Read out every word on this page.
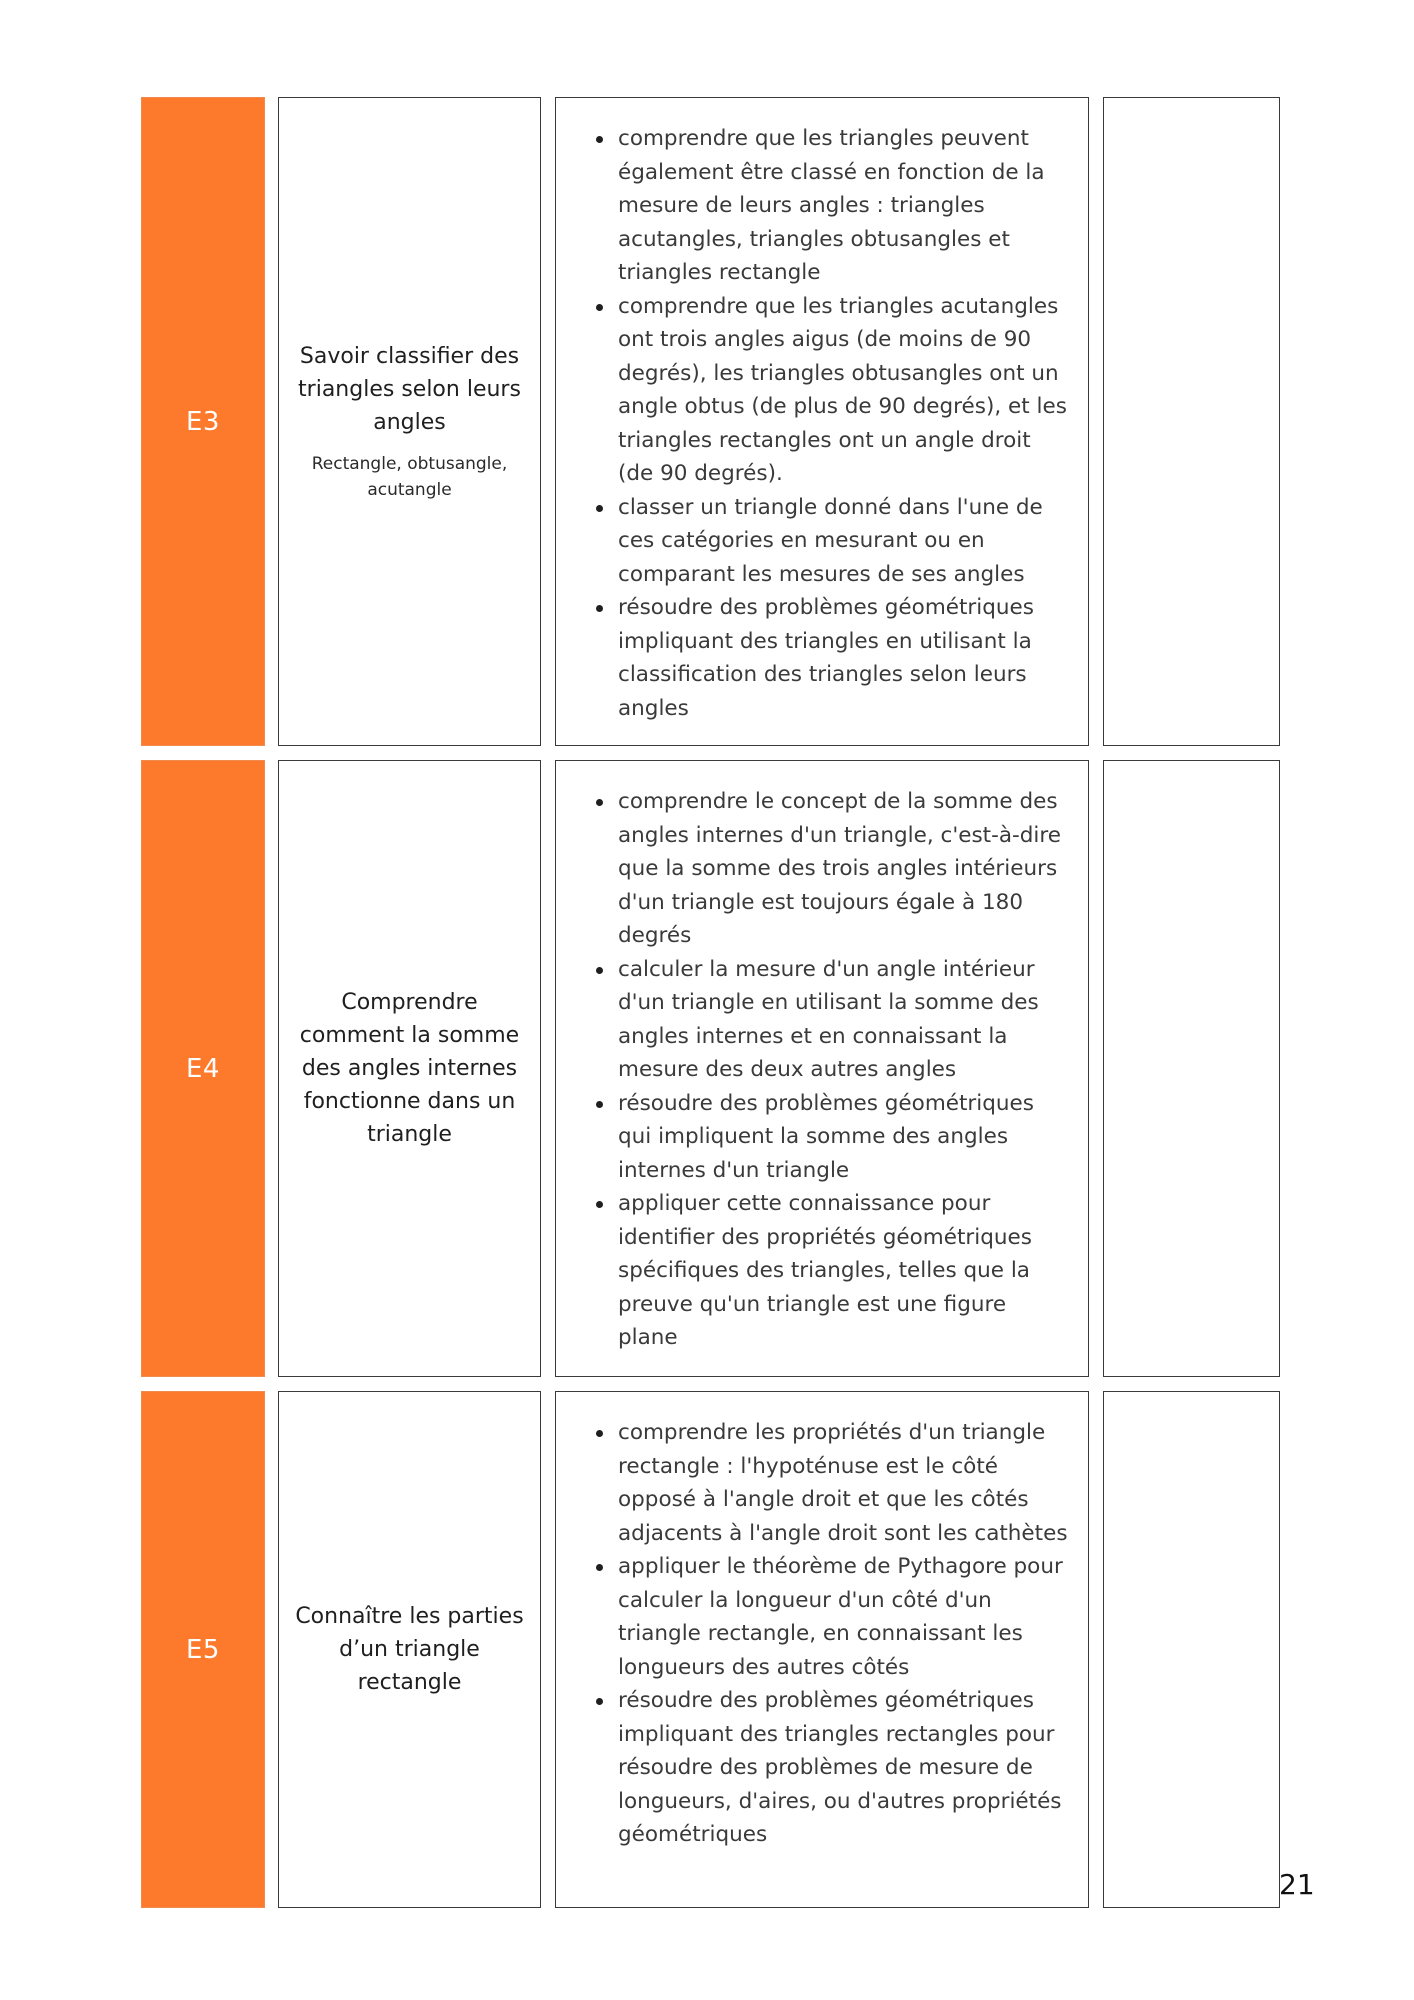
E3
Savoir classifier des triangles selon leurs angles
Rectangle, obtusangle, acutangle
comprendre que les triangles peuvent également être classé en fonction de la mesure de leurs angles : triangles acutangles, triangles obtusangles et triangles rectangle
comprendre que les triangles acutangles ont trois angles aigus (de moins de 90 degrés), les triangles obtusangles ont un angle obtus (de plus de 90 degrés), et les triangles rectangles ont un angle droit (de 90 degrés).
classer un triangle donné dans l'une de ces catégories en mesurant ou en comparant les mesures de ses angles
résoudre des problèmes géométriques impliquant des triangles en utilisant la classification des triangles selon leurs angles
E4
Comprendre comment la somme des angles internes fonctionne dans un triangle
comprendre le concept de la somme des angles internes d'un triangle, c'est-à-dire que la somme des trois angles intérieurs d'un triangle est toujours égale à 180 degrés
calculer la mesure d'un angle intérieur d'un triangle en utilisant la somme des angles internes et en connaissant la mesure des deux autres angles
résoudre des problèmes géométriques qui impliquent la somme des angles internes d'un triangle
appliquer cette connaissance pour identifier des propriétés géométriques spécifiques des triangles, telles que la preuve qu'un triangle est une figure plane
E5
Connaître les parties d’un triangle rectangle
comprendre les propriétés d'un triangle rectangle : l'hypoténuse est le côté opposé à l'angle droit et que les côtés adjacents à l'angle droit sont les cathètes
appliquer le théorème de Pythagore pour calculer la longueur d'un côté d'un triangle rectangle, en connaissant les longueurs des autres côtés
résoudre des problèmes géométriques impliquant des triangles rectangles pour résoudre des problèmes de mesure de longueurs, d'aires, ou d'autres propriétés géométriques
21
